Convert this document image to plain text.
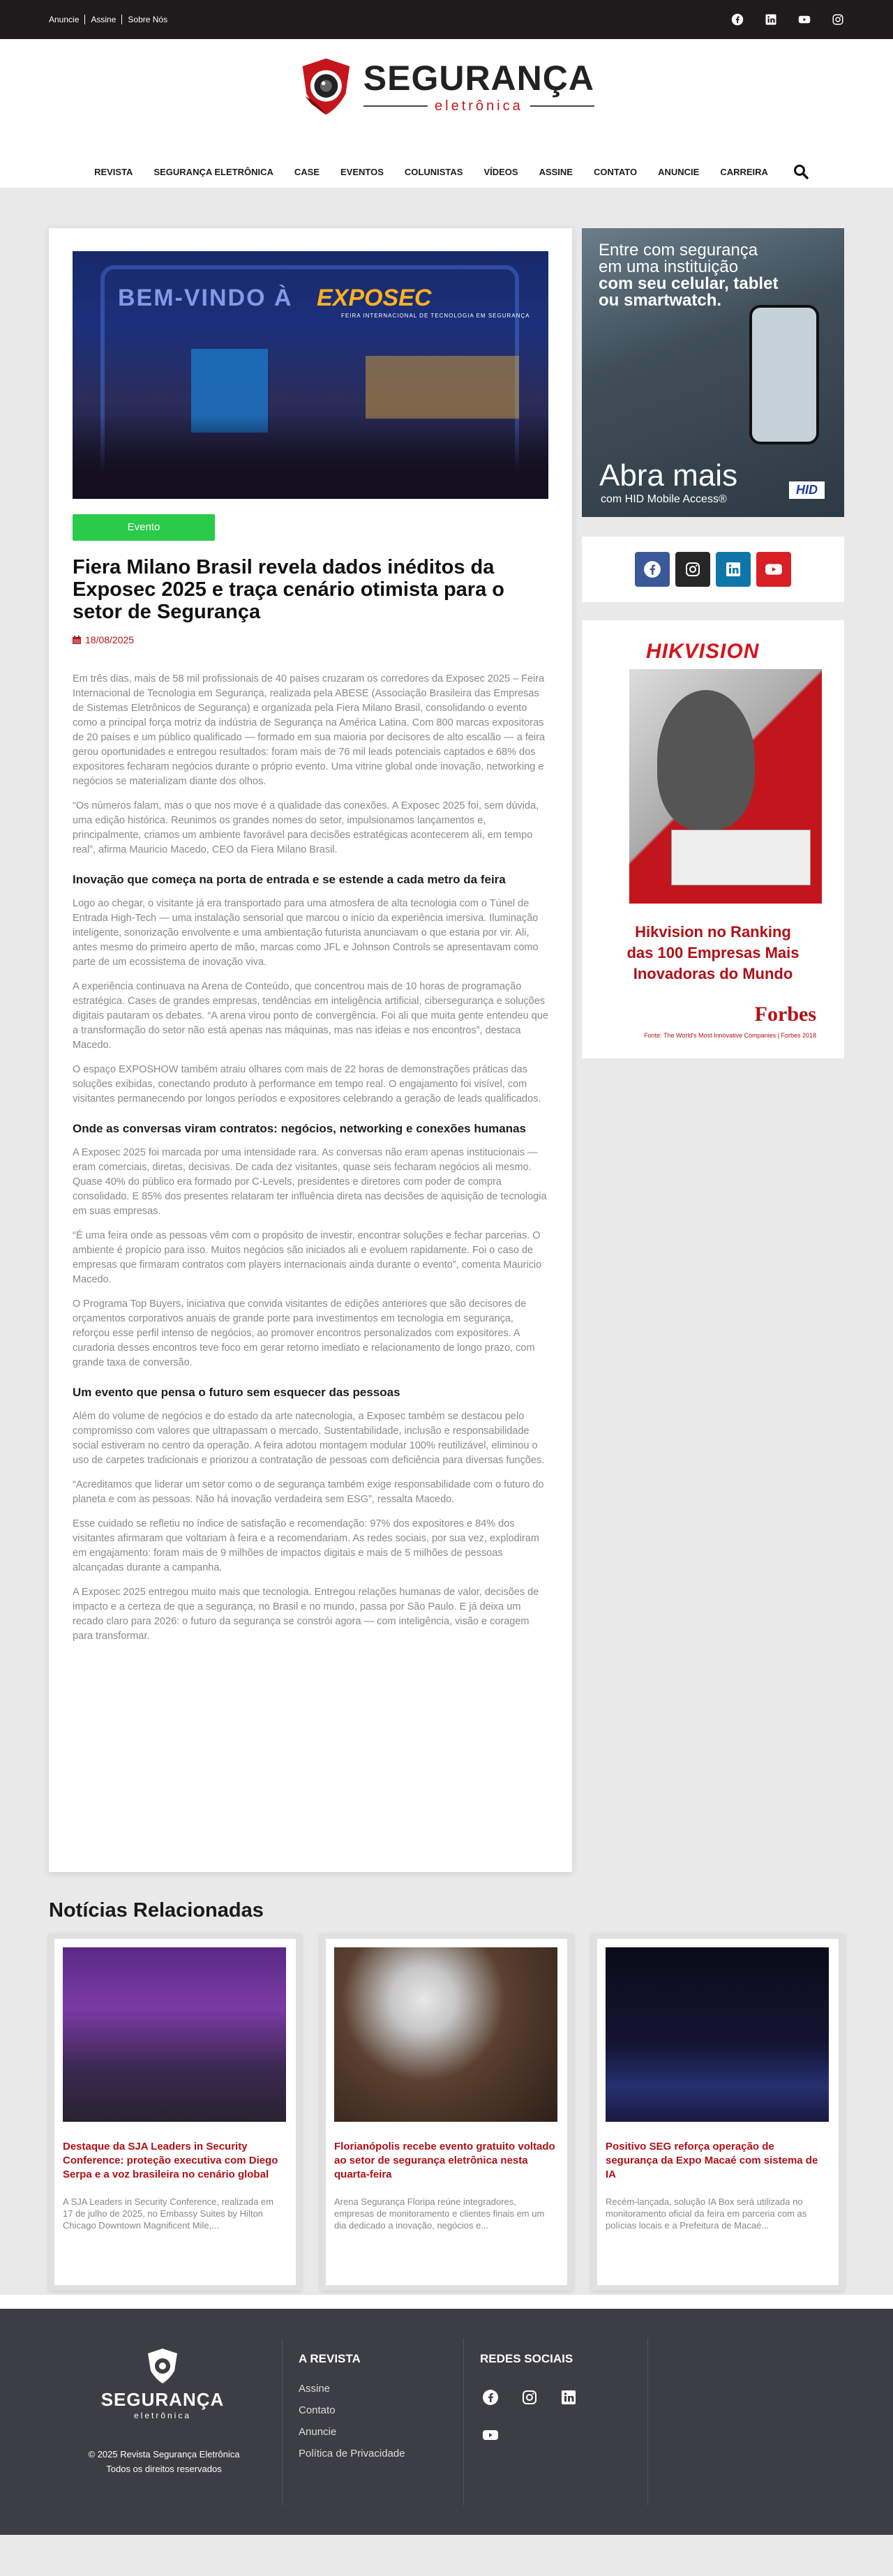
Anuncie	Assine	Sobre Nós
SEGURANÇA
eletrônica
REVISTA	SEGURANÇA ELETRÔNICA	CASE	EVENTOS	COLUNISTAS	VÍDEOS	ASSINE	CONTATO	ANUNCIE	CARREIRA
BEM-VINDO À EXPOSEC
FEIRA INTERNACIONAL DE TECNOLOGIA EM SEGURANÇA
Evento
Fiera Milano Brasil revela dados inéditos da Exposec 2025 e traça cenário otimista para o setor de Segurança
18/08/2025

Em três dias, mais de 58 mil profissionais de 40 países cruzaram os corredores da Exposec 2025 – Feira Internacional de Tecnologia em Segurança, realizada pela ABESE (Associação Brasileira das Empresas de Sistemas Eletrônicos de Segurança) e organizada pela Fiera Milano Brasil, consolidando o evento como a principal força motriz da indústria de Segurança na América Latina. Com 800 marcas expositoras de 20 países e um público qualificado — formado em sua maioria por decisores de alto escalão — a feira gerou oportunidades e entregou resultados: foram mais de 76 mil leads potenciais captados e 68% dos expositores fecharam negócios durante o próprio evento. Uma vitrine global onde inovação, networking e negócios se materializam diante dos olhos.

“Os números falam, mas o que nos move é a qualidade das conexões. A Exposec 2025 foi, sem dúvida, uma edição histórica. Reunimos os grandes nomes do setor, impulsionamos lançamentos e, principalmente, criamos um ambiente favorável para decisões estratégicas acontecerem ali, em tempo real”, afirma Mauricio Macedo, CEO da Fiera Milano Brasil.

Inovação que começa na porta de entrada e se estende a cada metro da feira

Logo ao chegar, o visitante já era transportado para uma atmosfera de alta tecnologia com o Túnel de Entrada High-Tech — uma instalação sensorial que marcou o início da experiência imersiva. Iluminação inteligente, sonorização envolvente e uma ambientação futurista anunciavam o que estaria por vir. Ali, antes mesmo do primeiro aperto de mão, marcas como JFL e Johnson Controls se apresentavam como parte de um ecossistema de inovação viva.

A experiência continuava na Arena de Conteúdo, que concentrou mais de 10 horas de programação estratégica. Cases de grandes empresas, tendências em inteligência artificial, cibersegurança e soluções digitais pautaram os debates. “A arena virou ponto de convergência. Foi ali que muita gente entendeu que a transformação do setor não está apenas nas máquinas, mas nas ideias e nos encontros”, destaca Macedo.

O espaço EXPOSHOW também atraiu olhares com mais de 22 horas de demonstrações práticas das soluções exibidas, conectando produto à performance em tempo real. O engajamento foi visível, com visitantes permanecendo por longos períodos e expositores celebrando a geração de leads qualificados.

Onde as conversas viram contratos: negócios, networking e conexões humanas

A Exposec 2025 foi marcada por uma intensidade rara. As conversas não eram apenas institucionais — eram comerciais, diretas, decisivas. De cada dez visitantes, quase seis fecharam negócios ali mesmo. Quase 40% do público era formado por C-Levels, presidentes e diretores com poder de compra consolidado. E 85% dos presentes relataram ter influência direta nas decisões de aquisição de tecnologia em suas empresas.

“É uma feira onde as pessoas vêm com o propósito de investir, encontrar soluções e fechar parcerias. O ambiente é propício para isso. Muitos negócios são iniciados ali e evoluem rapidamente. Foi o caso de empresas que firmaram contratos com players internacionais ainda durante o evento”, comenta Mauricio Macedo.

O Programa Top Buyers, iniciativa que convida visitantes de edições anteriores que são decisores de orçamentos corporativos anuais de grande porte para investimentos em tecnologia em segurança, reforçou esse perfil intenso de negócios, ao promover encontros personalizados com expositores. A curadoria desses encontros teve foco em gerar retorno imediato e relacionamento de longo prazo, com grande taxa de conversão.

Um evento que pensa o futuro sem esquecer das pessoas

Além do volume de negócios e do estado da arte natecnologia, a Exposec também se destacou pelo compromisso com valores que ultrapassam o mercado. Sustentabilidade, inclusão e responsabilidade social estiveram no centro da operação. A feira adotou montagem modular 100% reutilizável, eliminou o uso de carpetes tradicionais e priorizou a contratação de pessoas com deficiência para diversas funções.

“Acreditamos que liderar um setor como o de segurança também exige responsabilidade com o futuro do planeta e com as pessoas. Não há inovação verdadeira sem ESG”, ressalta Macedo.

Esse cuidado se refletiu no índice de satisfação e recomendação: 97% dos expositores e 84% dos visitantes afirmaram que voltariam à feira e a recomendariam. As redes sociais, por sua vez, explodiram em engajamento: foram mais de 9 milhões de impactos digitais e mais de 5 milhões de pessoas alcançadas durante a campanha.

A Exposec 2025 entregou muito mais que tecnologia. Entregou relações humanas de valor, decisões de impacto e a certeza de que a segurança, no Brasil e no mundo, passa por São Paulo. E já deixa um recado claro para 2026: o futuro da segurança se constrói agora — com inteligência, visão e coragem para transformar.

Entre com segurança
em uma instituição
com seu celular, tablet
ou smartwatch.
Abra mais
com HID Mobile Access®
HID
HIKVISION
Hikvision no Ranking
das 100 Empresas Mais
Inovadoras do Mundo
Forbes
Fonte: The World's Most Innovative Companies | Forbes 2018
Notícias Relacionadas
Destaque da SJA Leaders in Security Conference: proteção executiva com Diego Serpa e a voz brasileira no cenário global
A SJA Leaders in Security Conference, realizada em 17 de julho de 2025, no Embassy Suites by Hilton Chicago Downtown Magnificent Mile,...
Florianópolis recebe evento gratuito voltado ao setor de segurança eletrônica nesta quarta-feira
Arena Segurança Floripa reúne integradores, empresas de monitoramento e clientes finais em um dia dedicado a inovação, negócios e...
Positivo SEG reforça operação de segurança da Expo Macaé com sistema de IA
Recém-lançada, solução IA Box será utilizada no monitoramento oficial da feira em parceria com as polícias locais e a Prefeitura de Macaé...
SEGURANÇA
eletrônica
© 2025 Revista Segurança Eletrônica
Todos os direitos reservados
A REVISTA
Assine
Contato
Anuncie
Política de Privacidade
REDES SOCIAIS
